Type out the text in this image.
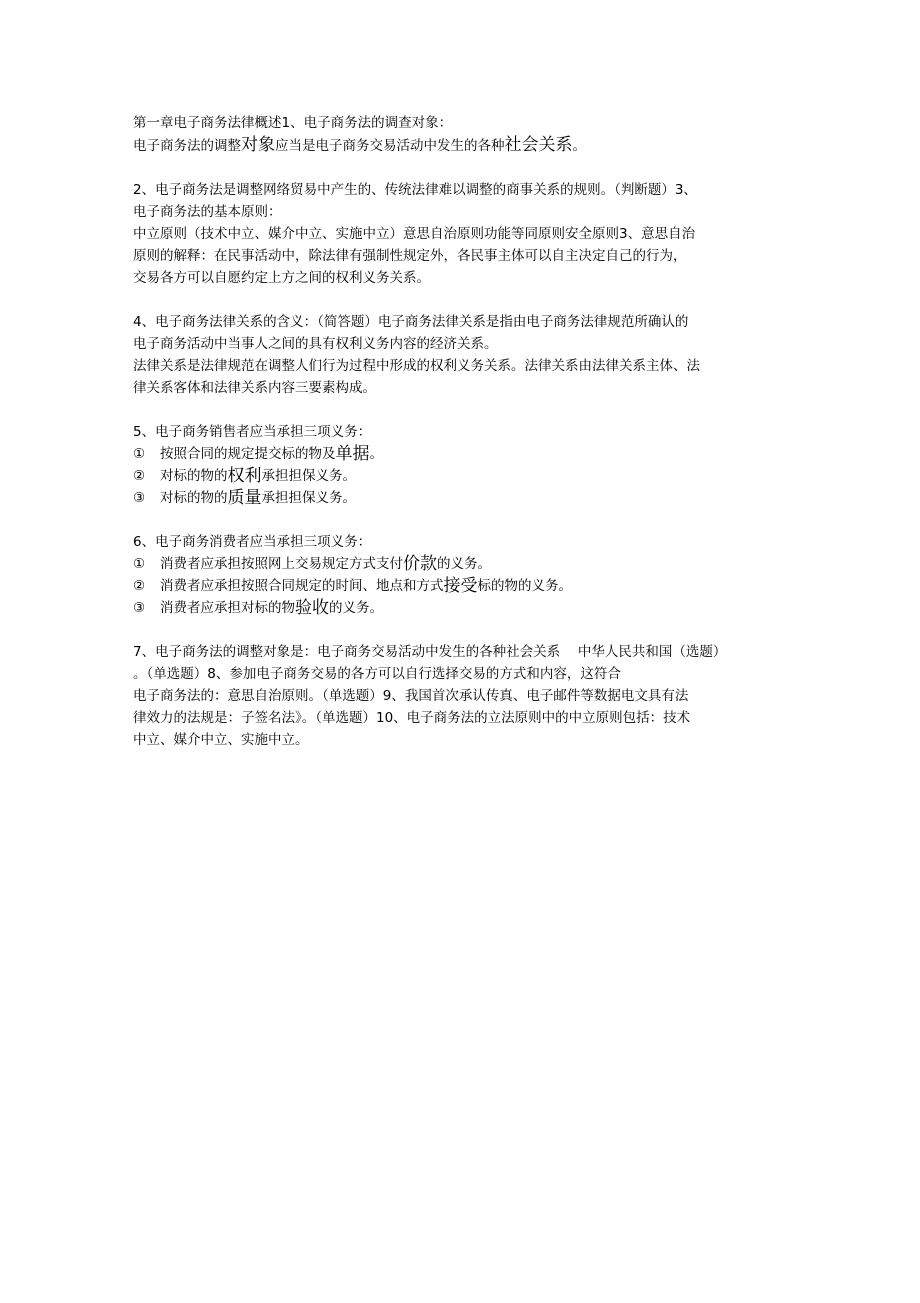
第一章电子商务法律概述1、电子商务法的调查对象：
电子商务法的调整对象应当是电子商务交易活动中发生的各种社会关系。
2、电子商务法是调整网络贸易中产生的、传统法律难以调整的商事关系的规则。（判断题）3、
电子商务法的基本原则：
中立原则（技术中立、媒介中立、实施中立）意思自治原则功能等同原则安全原则3、意思自治
原则的解释：在民事活动中，除法律有强制性规定外，各民事主体可以自主决定自己的行为，
交易各方可以自愿约定上方之间的权利义务关系。
4、电子商务法律关系的含义：（简答题）电子商务法律关系是指由电子商务法律规范所确认的
电子商务活动中当事人之间的具有权利义务内容的经济关系。
法律关系是法律规范在调整人们行为过程中形成的权利义务关系。法律关系由法律关系主体、法
律关系客体和法律关系内容三要素构成。
5、电子商务销售者应当承担三项义务：
①	按照合同的规定提交标的物及 单据 。
②	对标的物的 权利 承担担保义务。
③	对标的物的 质量 承担担保义务。
6、电子商务消费者应当承担三项义务：
①	消费者应承担按照网上交易规定方式支付 价款 的义务。
②	消费者应承担按照合同规定的时间、地点和方式 接受 标的物的义务。
③	消费者应承担对标的物 验收 的义务。
7、电子商务法的调整对象是：电子商务交易活动中发生的各种社会关系　 中华人民共和国（选题）
。（单选题）8、参加电子商务交易的各方可以自行选择交易的方式和内容，这符合
电子商务法的：意思自治原则。（单选题）9、我国首次承认传真、电子邮件等数据电文具有法
律效力的法规是：子签名法》。（单选题）10、电子商务法的立法原则中的中立原则包括：技术
中立、媒介中立、实施中立。
